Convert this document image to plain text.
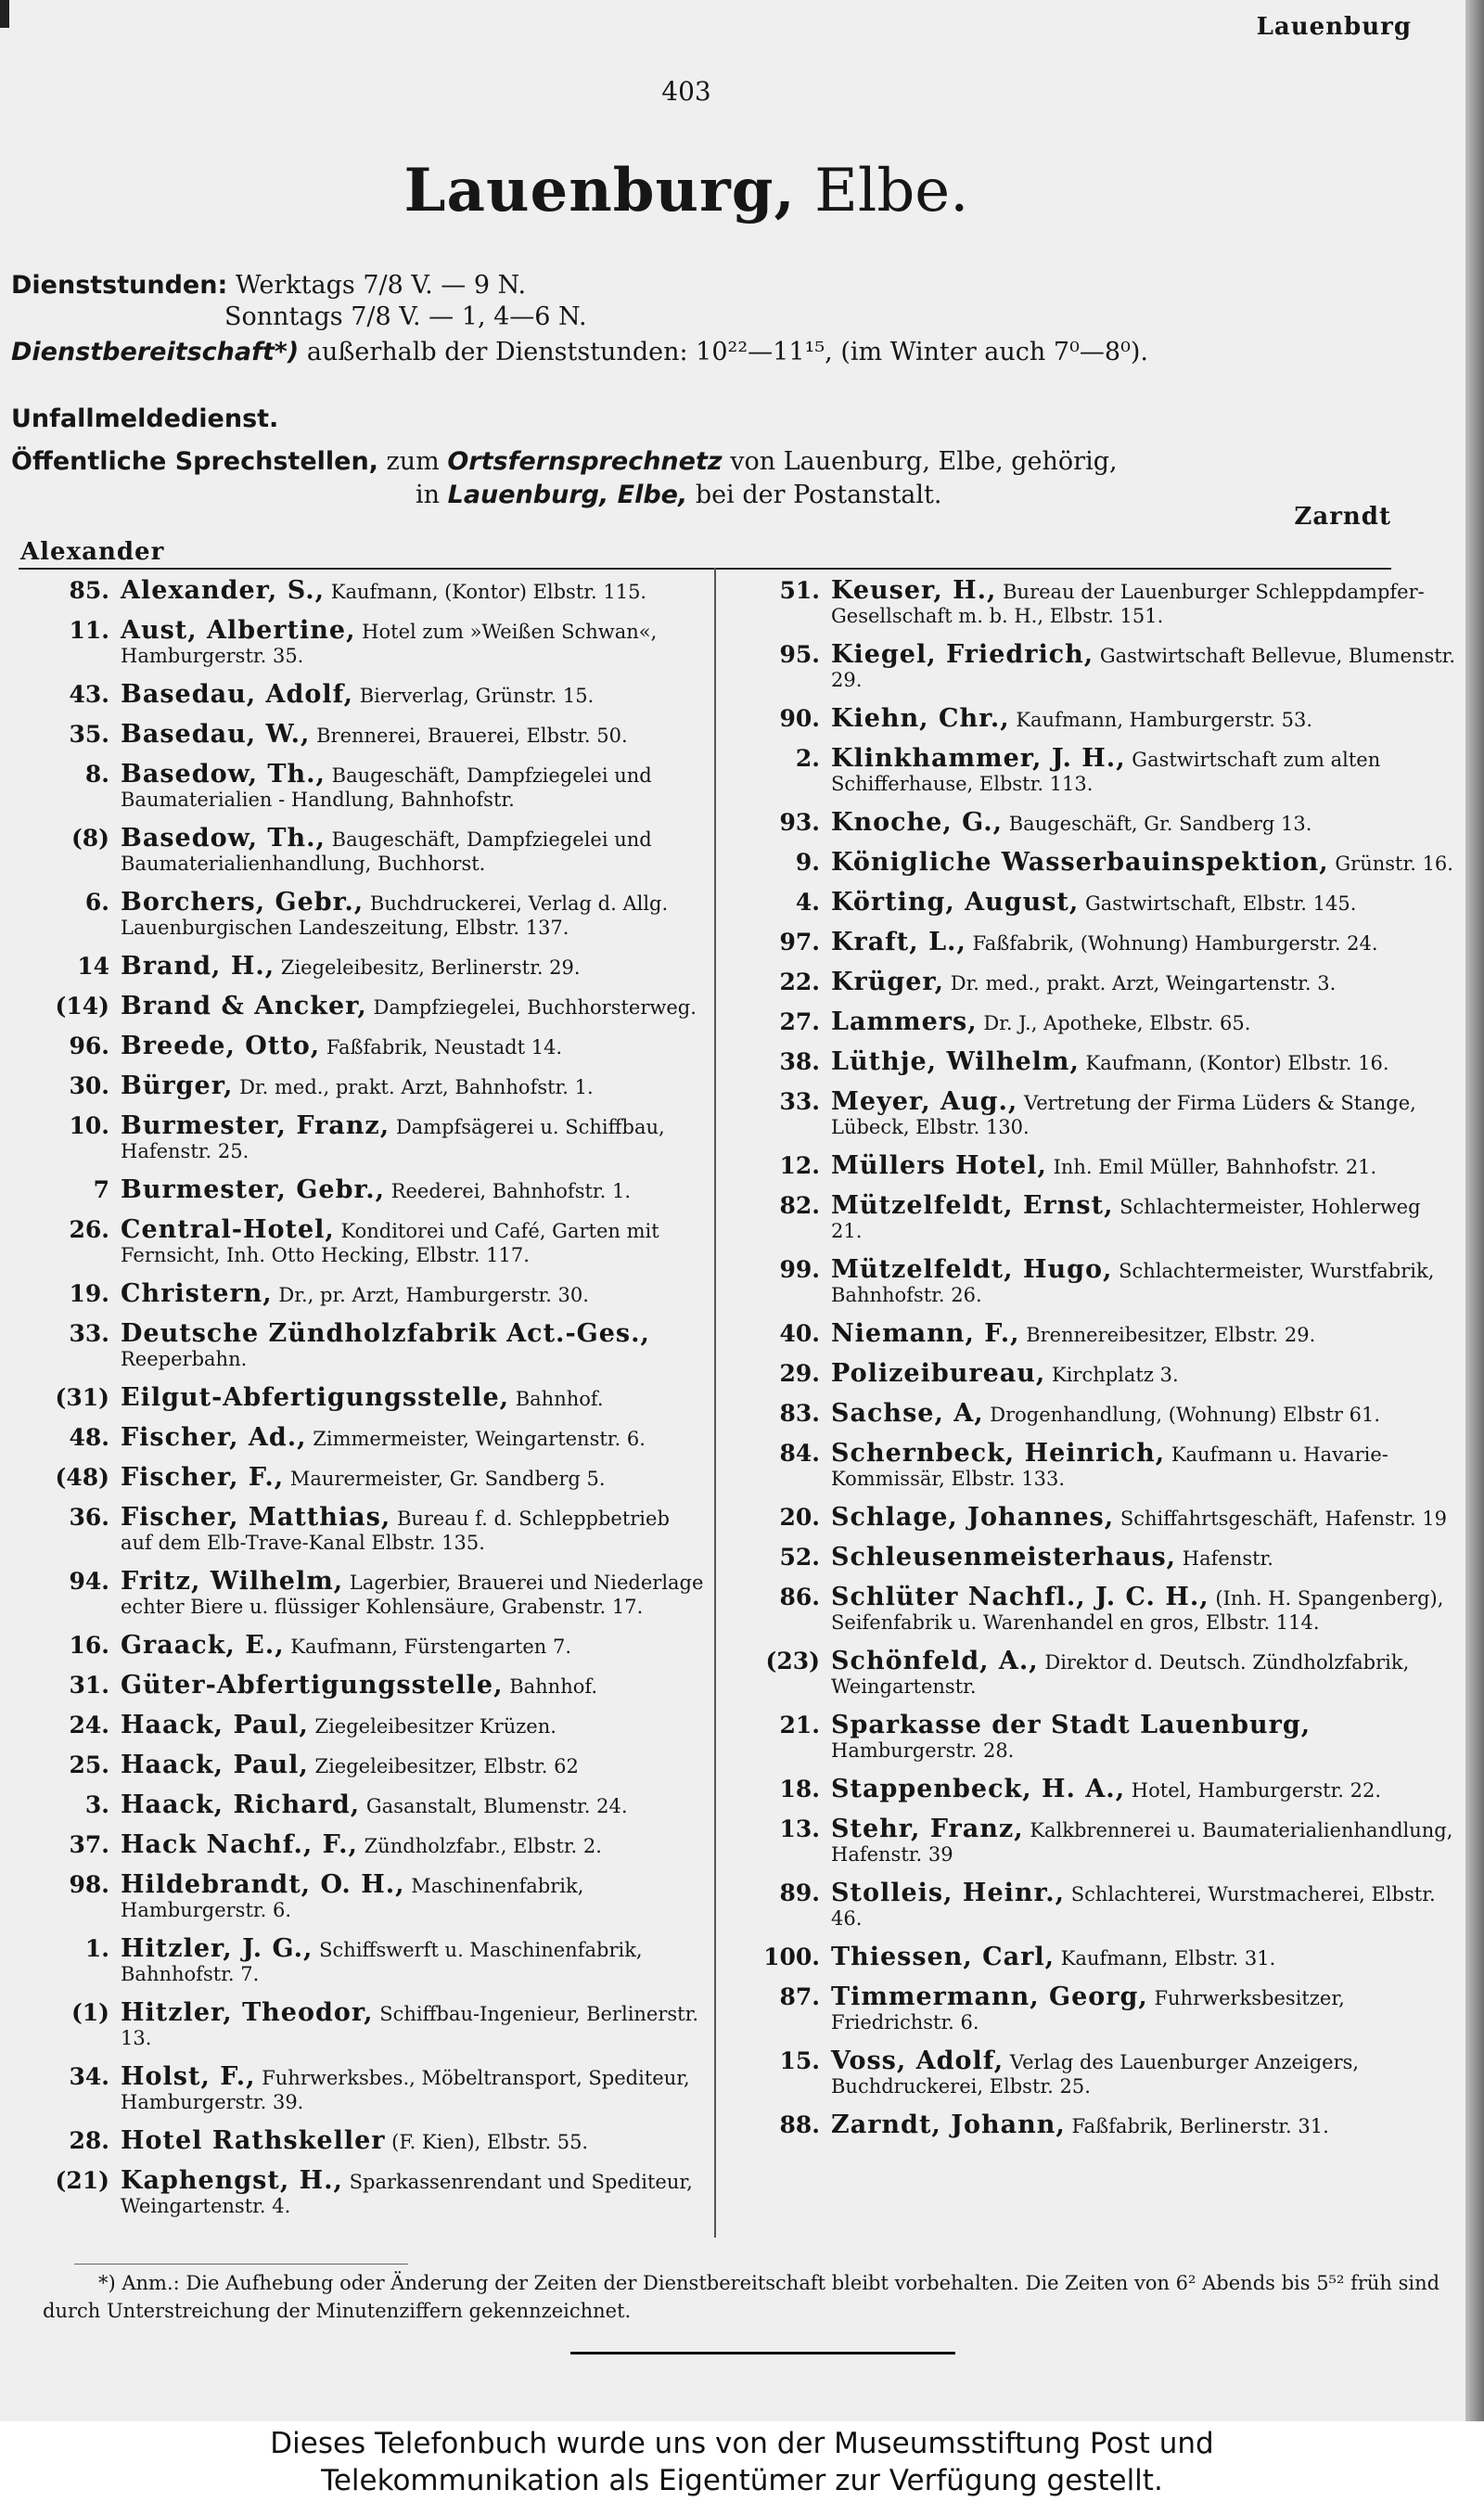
Lauenburg
403
Lauenburg, Elbe.
Dienststunden: Werktags 7/8 V. — 9 N.
Sonntags 7/8 V. — 1, 4—6 N.
Dienstbereitschaft*) außerhalb der Dienststunden: 10²²—11¹⁵, (im Winter auch 7⁰—8⁰).
Unfallmeldedienst.
Öffentliche Sprechstellen, zum Ortsfernsprechnetz von Lauenburg, Elbe, gehörig,
in Lauenburg, Elbe, bei der Postanstalt.
Alexander
Zarndt
85. Alexander, S., Kaufmann, (Kontor) Elbstr. 115.
11. Aust, Albertine, Hotel zum »Weißen Schwan«, Hamburgerstr. 35.
43. Basedau, Adolf, Bierverlag, Grünstr. 15.
35. Basedau, W., Brennerei, Brauerei, Elbstr. 50.
8. Basedow, Th., Baugeschäft, Dampfziegelei und Baumaterialien - Handlung, Bahnhofstr.
(8) Basedow, Th., Baugeschäft, Dampfziegelei und Baumaterialienhandlung, Buchhorst.
6. Borchers, Gebr., Buchdruckerei, Verlag d. Allg. Lauenburgischen Landeszeitung, Elbstr. 137.
14 Brand, H., Ziegeleibesitz, Berlinerstr. 29.
(14) Brand & Ancker, Dampfziegelei, Buchhorsterweg.
96. Breede, Otto, Faßfabrik, Neustadt 14.
30. Bürger, Dr. med., prakt. Arzt, Bahnhofstr. 1.
10. Burmester, Franz, Dampfsägerei u. Schiffbau, Hafenstr. 25.
7 Burmester, Gebr., Reederei, Bahnhofstr. 1.
26. Central-Hotel, Konditorei und Café, Garten mit Fernsicht, Inh. Otto Hecking, Elbstr. 117.
19. Christern, Dr., pr. Arzt, Hamburgerstr. 30.
33. Deutsche Zündholzfabrik Act.-Ges., Reeperbahn.
(31) Eilgut-Abfertigungsstelle, Bahnhof.
48. Fischer, Ad., Zimmermeister, Weingartenstr. 6.
(48) Fischer, F., Maurermeister, Gr. Sandberg 5.
36. Fischer, Matthias, Bureau f. d. Schleppbetrieb auf dem Elb-Trave-Kanal Elbstr. 135.
94. Fritz, Wilhelm, Lagerbier, Brauerei und Niederlage echter Biere u. flüssiger Kohlensäure, Grabenstr. 17.
16. Graack, E., Kaufmann, Fürstengarten 7.
31. Güter-Abfertigungsstelle, Bahnhof.
24. Haack, Paul, Ziegeleibesitzer Krüzen.
25. Haack, Paul, Ziegeleibesitzer, Elbstr. 62
3. Haack, Richard, Gasanstalt, Blumenstr. 24.
37. Hack Nachf., F., Zündholzfabr., Elbstr. 2.
98. Hildebrandt, O. H., Maschinenfabrik, Hamburgerstr. 6.
1. Hitzler, J. G., Schiffswerft u. Maschinenfabrik, Bahnhofstr. 7.
(1) Hitzler, Theodor, Schiffbau-Ingenieur, Berlinerstr. 13.
34. Holst, F., Fuhrwerksbes., Möbeltransport, Spediteur, Hamburgerstr. 39.
28. Hotel Rathskeller (F. Kien), Elbstr. 55.
(21) Kaphengst, H., Sparkassenrendant und Spediteur, Weingartenstr. 4.
51. Keuser, H., Bureau der Lauenburger Schleppdampfer-Gesellschaft m. b. H., Elbstr. 151.
95. Kiegel, Friedrich, Gastwirtschaft Bellevue, Blumenstr. 29.
90. Kiehn, Chr., Kaufmann, Hamburgerstr. 53.
2. Klinkhammer, J. H., Gastwirtschaft zum alten Schifferhause, Elbstr. 113.
93. Knoche, G., Baugeschäft, Gr. Sandberg 13.
9. Königliche Wasserbauinspektion, Grünstr. 16.
4. Körting, August, Gastwirtschaft, Elbstr. 145.
97. Kraft, L., Faßfabrik, (Wohnung) Hamburgerstr. 24.
22. Krüger, Dr. med., prakt. Arzt, Weingartenstr. 3.
27. Lammers, Dr. J., Apotheke, Elbstr. 65.
38. Lüthje, Wilhelm, Kaufmann, (Kontor) Elbstr. 16.
33. Meyer, Aug., Vertretung der Firma Lüders & Stange, Lübeck, Elbstr. 130.
12. Müllers Hotel, Inh. Emil Müller, Bahnhofstr. 21.
82. Mützelfeldt, Ernst, Schlachtermeister, Hohlerweg 21.
99. Mützelfeldt, Hugo, Schlachtermeister, Wurstfabrik, Bahnhofstr. 26.
40. Niemann, F., Brennereibesitzer, Elbstr. 29.
29. Polizeibureau, Kirchplatz 3.
83. Sachse, A, Drogenhandlung, (Wohnung) Elbstr 61.
84. Schernbeck, Heinrich, Kaufmann u. Havarie-Kommissär, Elbstr. 133.
20. Schlage, Johannes, Schiffahrtsgeschäft, Hafenstr. 19
52. Schleusenmeisterhaus, Hafenstr.
86. Schlüter Nachfl., J. C. H., (Inh. H. Spangenberg), Seifenfabrik u. Warenhandel en gros, Elbstr. 114.
(23) Schönfeld, A., Direktor d. Deutsch. Zündholzfabrik, Weingartenstr.
21. Sparkasse der Stadt Lauenburg, Hamburgerstr. 28.
18. Stappenbeck, H. A., Hotel, Hamburgerstr. 22.
13. Stehr, Franz, Kalkbrennerei u. Baumaterialienhandlung, Hafenstr. 39
89. Stolleis, Heinr., Schlachterei, Wurstmacherei, Elbstr. 46.
100. Thiessen, Carl, Kaufmann, Elbstr. 31.
87. Timmermann, Georg, Fuhrwerksbesitzer, Friedrichstr. 6.
15. Voss, Adolf, Verlag des Lauenburger Anzeigers, Buchdruckerei, Elbstr. 25.
88. Zarndt, Johann, Faßfabrik, Berlinerstr. 31.
*) Anm.: Die Aufhebung oder Änderung der Zeiten der Dienstbereitschaft bleibt vorbehalten. Die Zeiten von 6² Abends bis 5⁵² früh sind durch Unterstreichung der Minutenziffern gekennzeichnet.
Dieses Telefonbuch wurde uns von der Museumsstiftung Post und
Telekommunikation als Eigentümer zur Verfügung gestellt.
